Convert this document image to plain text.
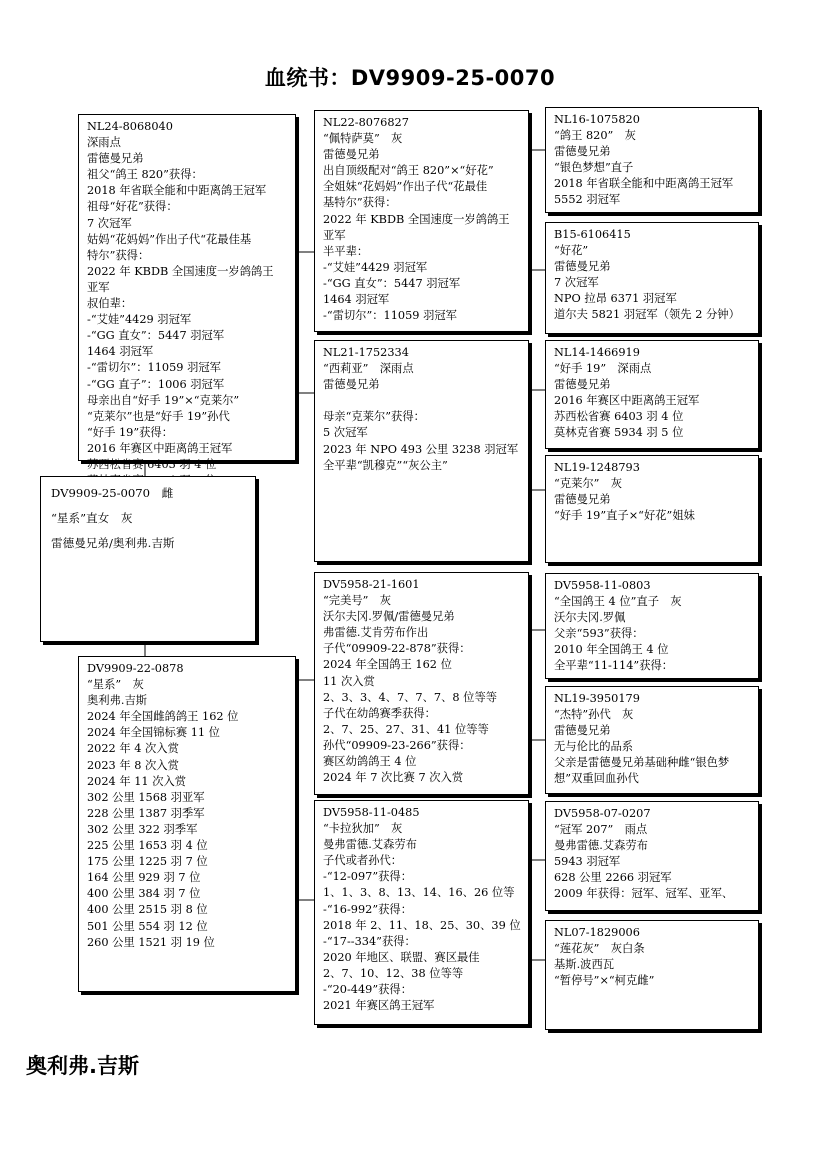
血统书：DV9909-25-0070
NL24-8068040
深雨点
雷德曼兄弟
祖父“鸽王 820”获得：
2018 年省联全能和中距离鸽王冠军
祖母“好花”获得：
7 次冠军
姑妈“花妈妈”作出子代“花最佳基
特尔”获得：
2022 年 KBDB 全国速度一岁鸽鸽王
亚军
叔伯辈：
-“艾娃”4429 羽冠军
-“GG 直女”：5447 羽冠军
1464 羽冠军
-“雷切尔”：11059 羽冠军
-“GG 直子”：1006 羽冠军
母亲出自“好手 19”×“克莱尔”
“克莱尔”也是“好手 19”孙代
“好手 19”获得：
2016 年赛区中距离鸽王冠军
苏西松省赛 6403 羽 4 位
DV9909-25-0070　雌
“星系”直女　灰
雷德曼兄弟/奥利弗.吉斯
DV9909-22-0878
“星系”　灰
奥利弗.吉斯
2024 年全国雌鸽鸽王 162 位
2024 年全国锦标赛 11 位
2022 年 4 次入赏
2023 年 8 次入赏
2024 年 11 次入赏
302 公里 1568 羽亚军
228 公里 1387 羽季军
302 公里 322 羽季军
225 公里 1653 羽 4 位
175 公里 1225 羽 7 位
164 公里 929 羽 7 位
400 公里 384 羽 7 位
400 公里 2515 羽 8 位
501 公里 554 羽 12 位
260 公里 1521 羽 19 位
NL22-8076827
“佩特萨莫”　灰
雷德曼兄弟
出自顶级配对“鸽王 820”×“好花”
全姐妹“花妈妈”作出子代“花最佳
基特尔”获得：
2022 年 KBDB 全国速度一岁鸽鸽王
亚军
半平辈：
-“艾娃”4429 羽冠军
-“GG 直女”：5447 羽冠军
1464 羽冠军
-“雷切尔”：11059 羽冠军
NL21-1752334
“西莉亚”　深雨点
雷德曼兄弟

母亲“克莱尔”获得：
5 次冠军
2023 年 NPO 493 公里 3238 羽冠军
全平辈“凯穆克”“灰公主”
DV5958-21-1601
“完美号”　灰
沃尔夫冈.罗佩/雷德曼兄弟
弗雷德.艾肯劳布作出
子代“09909-22-878”获得：
2024 年全国鸽王 162 位
11 次入赏
2、3、3、4、7、7、7、8 位等等
子代在幼鸽赛季获得：
2、7、25、27、31、41 位等等
孙代“09909-23-266”获得：
赛区幼鸽鸽王 4 位
2024 年 7 次比赛 7 次入赏
DV5958-11-0485
“卡拉狄加”　灰
曼弗雷德.艾森劳布
子代或者孙代：
-“12-097”获得：
1、1、3、8、13、14、16、26 位等
-“16-992”获得：
2018 年 2、11、18、25、30、39 位
-“17--334”获得：
2020 年地区、联盟、赛区最佳
2、7、10、12、38 位等等
-“20-449”获得：
2021 年赛区鸽王冠军
NL16-1075820
“鸽王 820”　灰
雷德曼兄弟
“银色梦想”直子
2018 年省联全能和中距离鸽王冠军
5552 羽冠军
B15-6106415
“好花”
雷德曼兄弟
7 次冠军
NPO 拉昂 6371 羽冠军
道尔夫 5821 羽冠军（领先 2 分钟）
NL14-1466919
“好手 19”　深雨点
雷德曼兄弟
2016 年赛区中距离鸽王冠军
苏西松省赛 6403 羽 4 位
莫林克省赛 5934 羽 5 位
NL19-1248793
“克莱尔”　灰
雷德曼兄弟
“好手 19”直子×“好花”姐妹
DV5958-11-0803
“全国鸽王 4 位”直子　灰
沃尔夫冈.罗佩
父亲“593”获得：
2010 年全国鸽王 4 位
全平辈“11-114”获得：
NL19-3950179
“杰特”孙代　灰
雷德曼兄弟
无与伦比的品系
父亲是雷德曼兄弟基础种雌“银色梦
想”双重回血孙代
DV5958-07-0207
“冠军 207”　雨点
曼弗雷德.艾森劳布
5943 羽冠军
628 公里 2266 羽冠军
2009 年获得：冠军、冠军、亚军、
NL07-1829006
“莲花灰”　灰白条
基斯.波西瓦
“暂停号”×“柯克雌”
奥利弗.吉斯
